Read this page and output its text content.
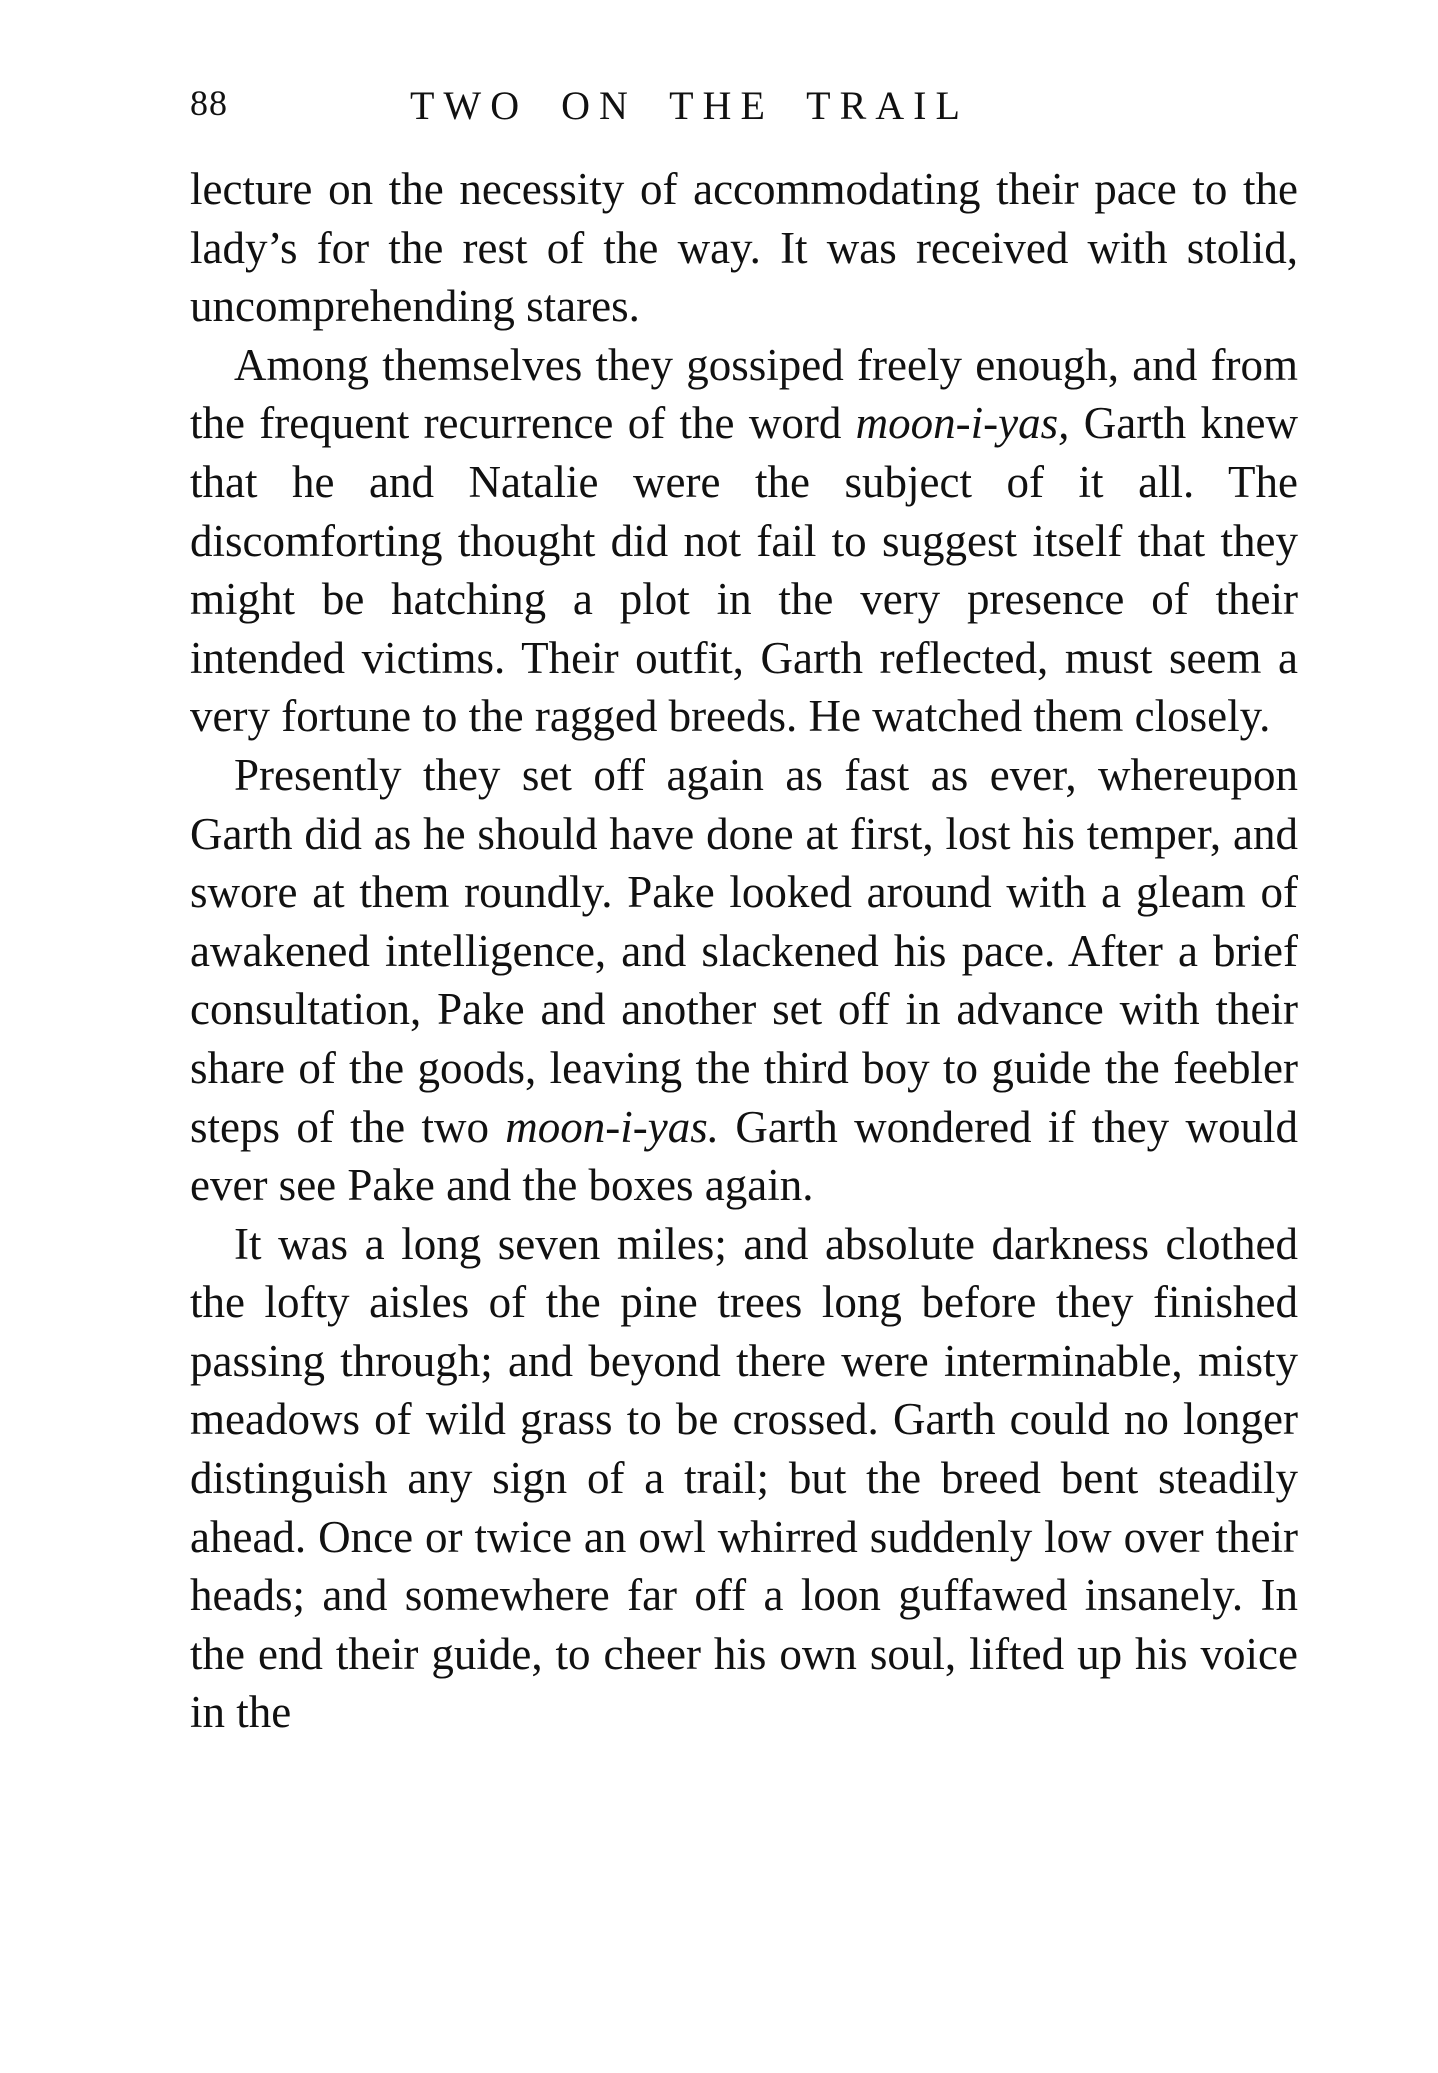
88	TWO ON THE TRAIL

lecture on the necessity of accommodating their pace to the lady’s for the rest of the way. It was received with stolid, uncomprehending stares.

Among themselves they gossiped freely enough, and from the frequent recurrence of the word moon-i-yas, Garth knew that he and Natalie were the subject of it all. The discomforting thought did not fail to suggest itself that they might be hatching a plot in the very presence of their intended victims. Their outfit, Garth reflected, must seem a very fortune to the ragged breeds. He watched them closely.

Presently they set off again as fast as ever, whereupon Garth did as he should have done at first, lost his temper, and swore at them roundly. Pake looked around with a gleam of awakened intelligence, and slackened his pace. After a brief consultation, Pake and another set off in advance with their share of the goods, leaving the third boy to guide the feebler steps of the two moon-i-yas. Garth wondered if they would ever see Pake and the boxes again.

It was a long seven miles; and absolute darkness clothed the lofty aisles of the pine trees long before they finished passing through; and beyond there were interminable, misty meadows of wild grass to be crossed. Garth could no longer distinguish any sign of a trail; but the breed bent steadily ahead. Once or twice an owl whirred suddenly low over their heads; and somewhere far off a loon guffawed insanely. In the end their guide, to cheer his own soul, lifted up his voice in the
